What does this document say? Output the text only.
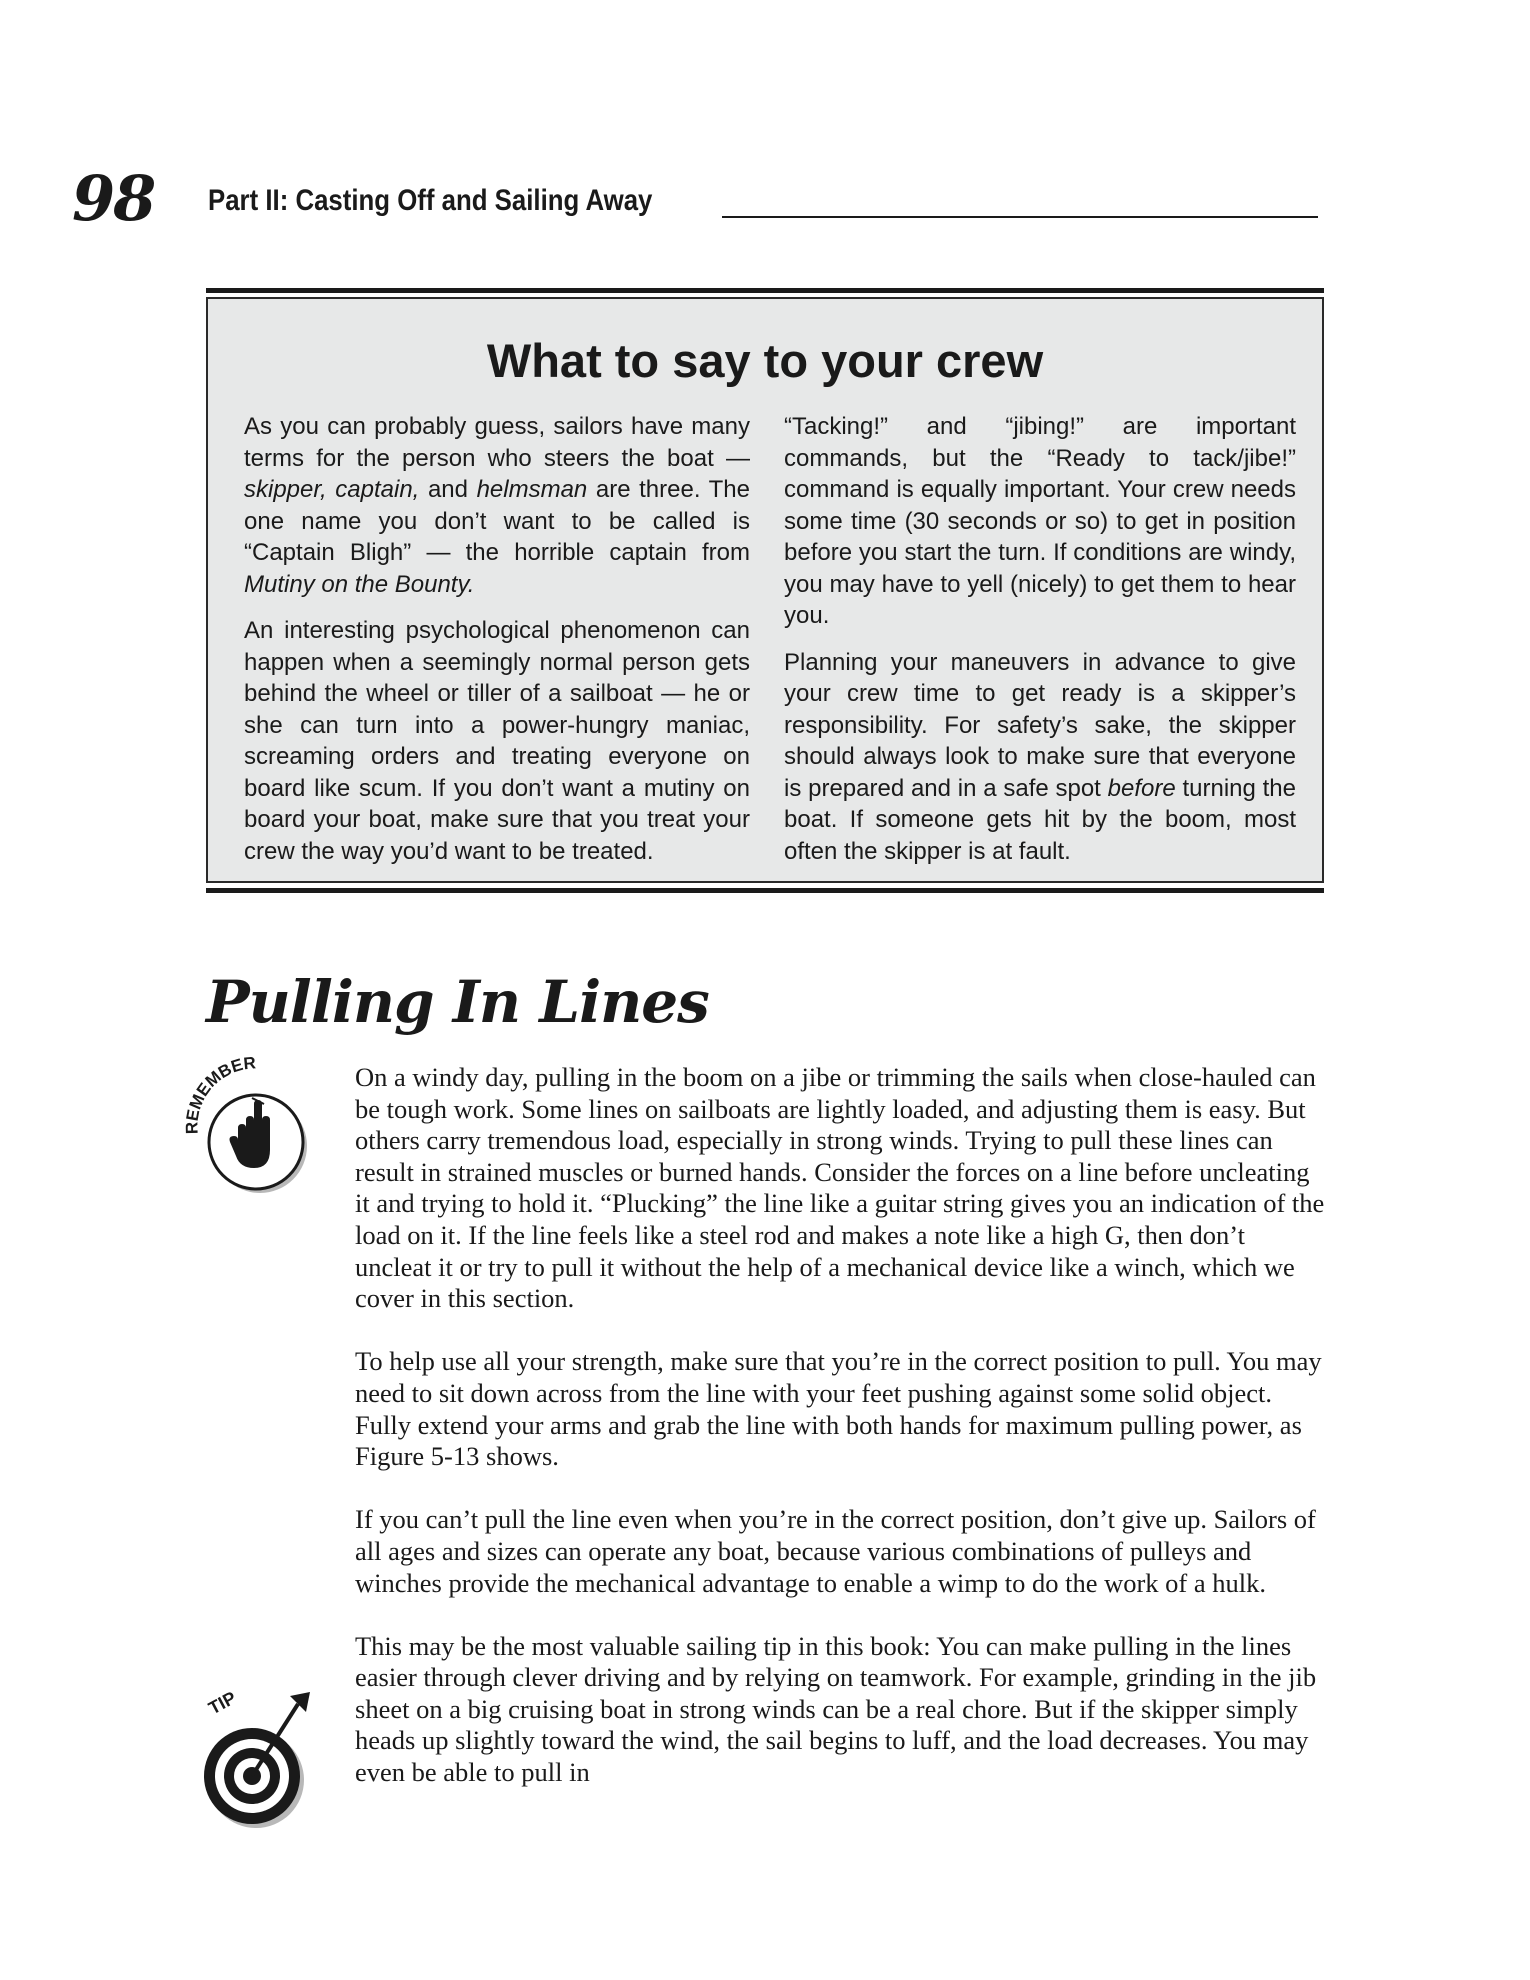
98 Part II: Casting Off and Sailing Away
What to say to your crew

As you can probably guess, sailors have many terms for the person who steers the boat — skipper, captain, and helmsman are three. The one name you don’t want to be called is “Captain Bligh” — the horrible captain from Mutiny on the Bounty.

An interesting psychological phenomenon can happen when a seemingly normal person gets behind the wheel or tiller of a sailboat — he or she can turn into a power-hungry maniac, screaming orders and treating everyone on board like scum. If you don’t want a mutiny on board your boat, make sure that you treat your crew the way you’d want to be treated.

“Tacking!” and “jibing!” are important commands, but the “Ready to tack/jibe!” command is equally important. Your crew needs some time (30 seconds or so) to get in position before you start the turn. If conditions are windy, you may have to yell (nicely) to get them to hear you.

Planning your maneuvers in advance to give your crew time to get ready is a skipper’s responsibility. For safety’s sake, the skipper should always look to make sure that everyone is prepared and in a safe spot before turning the boat. If someone gets hit by the boom, most often the skipper is at fault.

Pulling In Lines
REMEMBER
TIP

On a windy day, pulling in the boom on a jibe or trimming the sails when close-hauled can be tough work. Some lines on sailboats are lightly loaded, and adjusting them is easy. But others carry tremendous load, especially in strong winds. Trying to pull these lines can result in strained muscles or burned hands. Consider the forces on a line before uncleating it and trying to hold it. “Plucking” the line like a guitar string gives you an indication of the load on it. If the line feels like a steel rod and makes a note like a high G, then don’t uncleat it or try to pull it without the help of a mechanical device like a winch, which we cover in this section.

To help use all your strength, make sure that you’re in the correct position to pull. You may need to sit down across from the line with your feet pushing against some solid object. Fully extend your arms and grab the line with both hands for maximum pulling power, as Figure 5-13 shows.

If you can’t pull the line even when you’re in the correct position, don’t give up. Sailors of all ages and sizes can operate any boat, because various combinations of pulleys and winches provide the mechanical advantage to enable a wimp to do the work of a hulk.

This may be the most valuable sailing tip in this book: You can make pulling in the lines easier through clever driving and by relying on teamwork. For example, grinding in the jib sheet on a big cruising boat in strong winds can be a real chore. But if the skipper simply heads up slightly toward the wind, the sail begins to luff, and the load decreases. You may even be able to pull in
